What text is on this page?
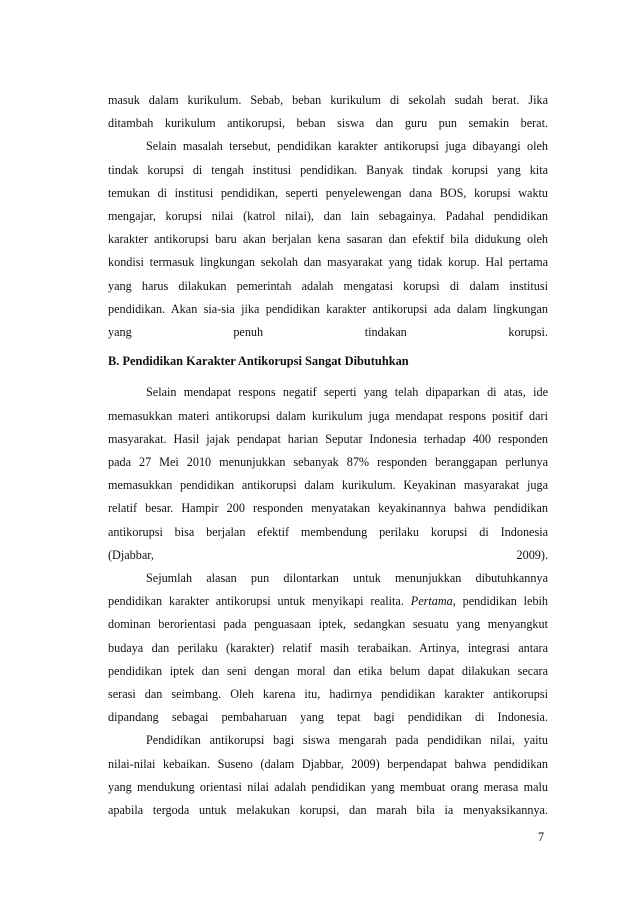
masuk dalam kurikulum. Sebab, beban kurikulum di sekolah sudah berat. Jika
ditambah kurikulum antikorupsi, beban siswa dan guru pun semakin berat.

Selain masalah tersebut, pendidikan karakter antikorupsi juga dibayangi oleh
tindak korupsi di tengah institusi pendidikan. Banyak tindak korupsi yang kita
temukan di institusi pendidikan, seperti penyelewengan dana BOS, korupsi waktu
mengajar, korupsi nilai (katrol nilai), dan lain sebagainya. Padahal pendidikan
karakter antikorupsi baru akan berjalan kena sasaran dan efektif bila didukung oleh
kondisi termasuk lingkungan sekolah dan masyarakat yang tidak korup. Hal pertama
yang harus dilakukan pemerintah adalah mengatasi korupsi di dalam institusi
pendidikan. Akan sia-sia jika pendidikan karakter antikorupsi ada dalam lingkungan
yang penuh tindakan korupsi.
B. Pendidikan Karakter Antikorupsi Sangat Dibutuhkan
Selain mendapat respons negatif seperti yang telah dipaparkan di atas, ide
memasukkan materi antikorupsi dalam kurikulum juga mendapat respons positif dari
masyarakat. Hasil jajak pendapat harian Seputar Indonesia terhadap 400 responden
pada 27 Mei 2010 menunjukkan sebanyak 87% responden beranggapan perlunya
memasukkan pendidikan antikorupsi dalam kurikulum. Keyakinan masyarakat juga
relatif besar. Hampir 200 responden menyatakan keyakinannya bahwa pendidikan
antikorupsi bisa berjalan efektif membendung perilaku korupsi di Indonesia
(Djabbar, 2009).
Sejumlah alasan pun dilontarkan untuk menunjukkan dibutuhkannya
pendidikan karakter antikorupsi untuk menyikapi realita. Pertama, pendidikan lebih
dominan berorientasi pada penguasaan iptek, sedangkan sesuatu yang menyangkut
budaya dan perilaku (karakter) relatif masih terabaikan. Artinya, integrasi antara
pendidikan iptek dan seni dengan moral dan etika belum dapat dilakukan secara
serasi dan seimbang. Oleh karena itu, hadirnya pendidikan karakter antikorupsi
dipandang sebagai pembaharuan yang tepat bagi pendidikan di Indonesia.
Pendidikan antikorupsi bagi siswa mengarah pada pendidikan nilai, yaitu
nilai-nilai kebaikan. Suseno (dalam Djabbar, 2009) berpendapat bahwa pendidikan
yang mendukung orientasi nilai adalah pendidikan yang membuat orang merasa malu
apabila tergoda untuk melakukan korupsi, dan marah bila ia menyaksikannya.
7
